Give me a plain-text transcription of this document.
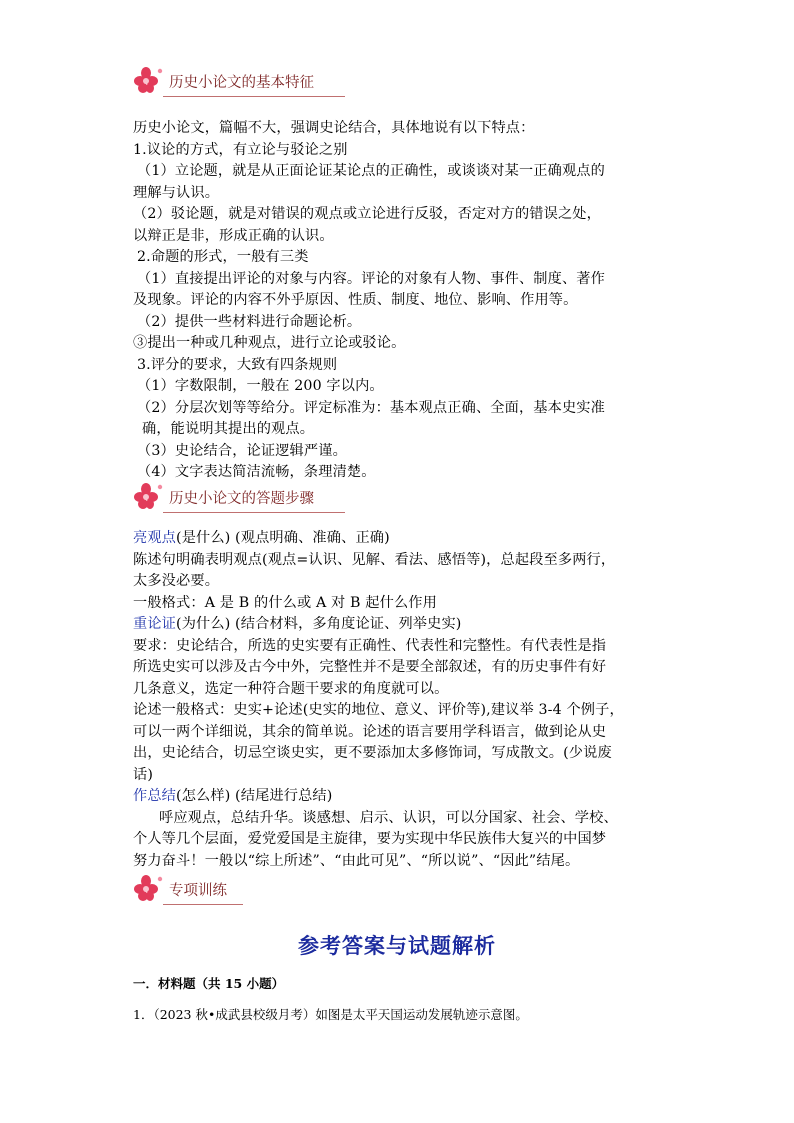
历史小论文的基本特征
历史小论文，篇幅不大，强调史论结合，具体地说有以下特点：
1.议论的方式，有立论与驳论之别
（1）立论题，就是从正面论证某论点的正确性，或谈谈对某一正确观点的
理解与认识。
（2）驳论题，就是对错误的观点或立论进行反驳，否定对方的错误之处，
以辩正是非，形成正确的认识。
2.命题的形式，一般有三类
（1）直接提出评论的对象与内容。评论的对象有人物、事件、制度、著作
及现象。评论的内容不外乎原因、性质、制度、地位、影响、作用等。
（2）提供一些材料进行命题论析。
③提出一种或几种观点，进行立论或驳论。
3.评分的要求，大致有四条规则
（1）字数限制，一般在 200 字以内。
（2）分层次划等等给分。评定标准为：基本观点正确、全面，基本史实准
确，能说明其提出的观点。
（3）史论结合，论证逻辑严谨。
（4）文字表达简洁流畅，条理清楚。
历史小论文的答题步骤
亮观点(是什么) (观点明确、准确、正确)
陈述句明确表明观点(观点=认识、见解、看法、感悟等)，总起段至多两行，
太多没必要。
一般格式：A 是 B 的什么或 A 对 B 起什么作用
重论证(为什么) (结合材料，多角度论证、列举史实)
要求：史论结合，所选的史实要有正确性、代表性和完整性。有代表性是指
所选史实可以涉及古今中外，完整性并不是要全部叙述，有的历史事件有好
几条意义，选定一种符合题干要求的角度就可以。
论述一般格式：史实+论述(史实的地位、意义、评价等),建议举 3-4 个例子，
可以一两个详细说，其余的简单说。论述的语言要用学科语言，做到论从史
出，史论结合，切忌空谈史实，更不要添加太多修饰词，写成散文。(少说废
话)
作总结(怎么样) (结尾进行总结)
呼应观点，总结升华。谈感想、启示、认识，可以分国家、社会、学校、
个人等几个层面，爱党爱国是主旋律，要为实现中华民族伟大复兴的中国梦
努力奋斗！一般以“综上所述”、“由此可见”、“所以说”、“因此”结尾。
专项训练
参考答案与试题解析
一．材料题（共 15 小题）
1．（2023 秋•成武县校级月考）如图是太平天国运动发展轨迹示意图。
